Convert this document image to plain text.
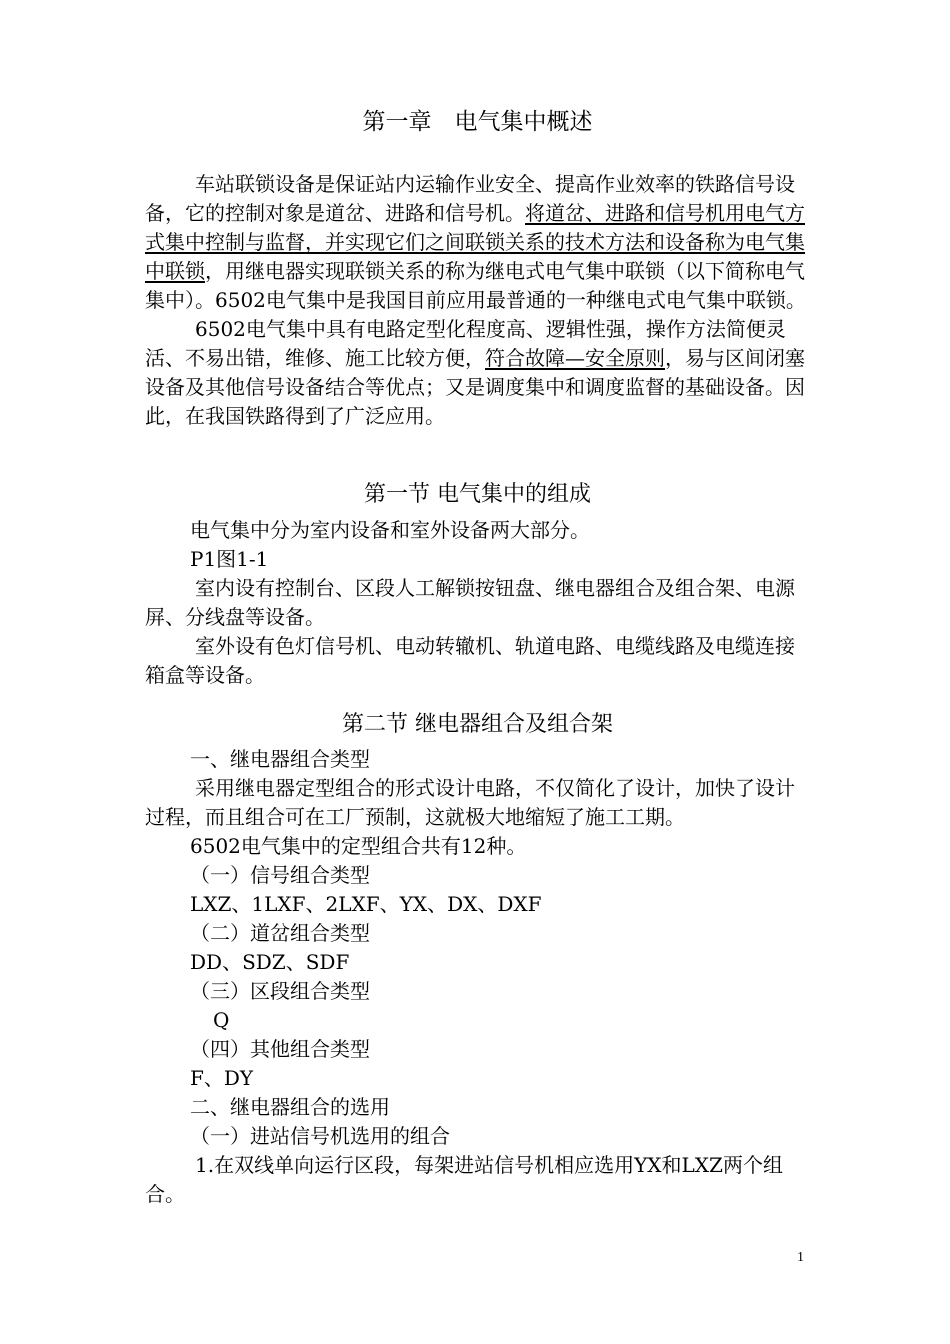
第一章　电气集中概述

车站联锁设备是保证站内运输作业安全、提高作业效率的铁路信号设备，它的控制对象是道岔、进路和信号机。将道岔、进路和信号机用电气方式集中控制与监督，并实现它们之间联锁关系的技术方法和设备称为电气集中联锁，用继电器实现联锁关系的称为继电式电气集中联锁（以下简称电气集中）。6502电气集中是我国目前应用最普通的一种继电式电气集中联锁。

6502电气集中具有电路定型化程度高、逻辑性强，操作方法简便灵活、不易出错，维修、施工比较方便，符合故障—安全原则，易与区间闭塞设备及其他信号设备结合等优点；又是调度集中和调度监督的基础设备。因此，在我国铁路得到了广泛应用。

第一节 电气集中的组成

电气集中分为室内设备和室外设备两大部分。

P1图1-1

室内设有控制台、区段人工解锁按钮盘、继电器组合及组合架、电源屏、分线盘等设备。

室外设有色灯信号机、电动转辙机、轨道电路、电缆线路及电缆连接箱盒等设备。

第二节 继电器组合及组合架

一、继电器组合类型

采用继电器定型组合的形式设计电路，不仅简化了设计，加快了设计过程，而且组合可在工厂预制，这就极大地缩短了施工工期。

6502电气集中的定型组合共有12种。

（一）信号组合类型

LXZ、1LXF、2LXF、YX、DX、DXF

（二）道岔组合类型

DD、SDZ、SDF

（三）区段组合类型

Q

（四）其他组合类型

F、DY

二、继电器组合的选用

（一）进站信号机选用的组合

1.在双线单向运行区段，每架进站信号机相应选用YX和LXZ两个组合。

1
